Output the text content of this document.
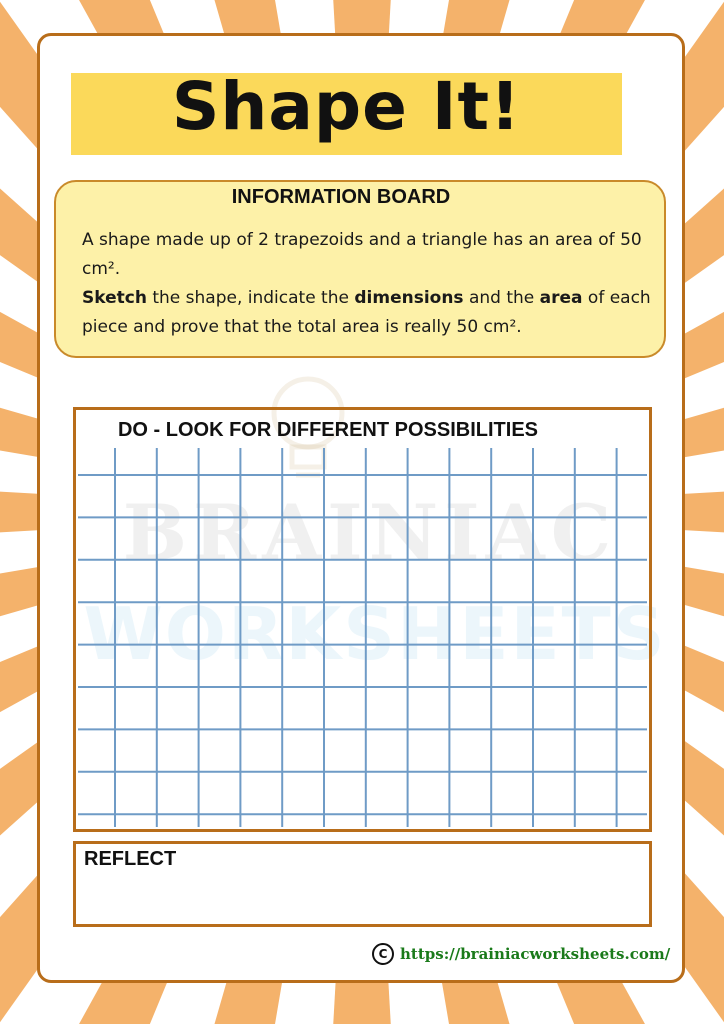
Shape It!
INFORMATION BOARD

A shape made up of 2 trapezoids and a triangle has an area of 50 cm².

Sketch the shape, indicate the dimensions and the area of each piece and prove that the total area is really 50 cm².

BRAINIAC
WORKSHEETS
DO - LOOK FOR DIFFERENT POSSIBILITIES
REFLECT
C https://brainiacworksheets.com/
